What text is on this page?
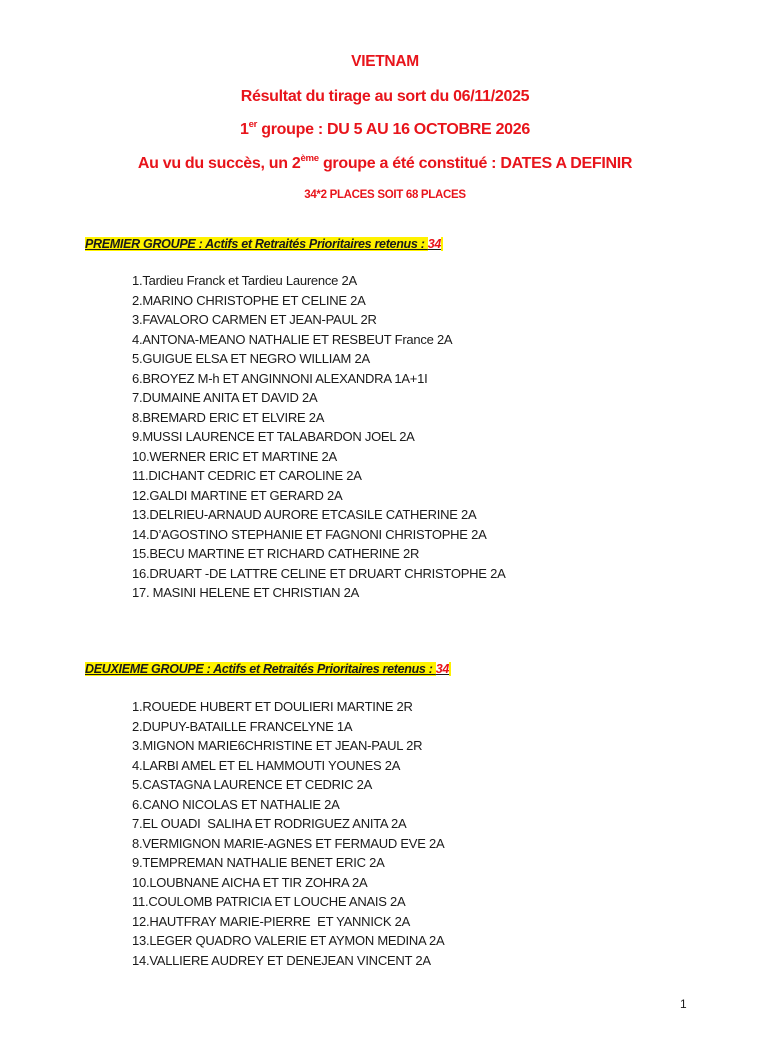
VIETNAM
Résultat du tirage au sort du 06/11/2025
1er groupe : DU 5 AU 16 OCTOBRE 2026
Au vu du succès, un 2ème groupe a été constitué : DATES A DEFINIR
34*2 PLACES SOIT 68 PLACES
PREMIER GROUPE : Actifs et Retraités Prioritaires retenus : 34
1.Tardieu Franck et Tardieu Laurence 2A
2.MARINO CHRISTOPHE ET CELINE 2A
3.FAVALORO CARMEN ET JEAN-PAUL 2R
4.ANTONA-MEANO NATHALIE ET RESBEUT France 2A
5.GUIGUE ELSA ET NEGRO WILLIAM 2A
6.BROYEZ M-h ET ANGINNONI ALEXANDRA 1A+1I
7.DUMAINE ANITA ET DAVID 2A
8.BREMARD ERIC ET ELVIRE 2A
9.MUSSI LAURENCE ET TALABARDON JOEL 2A
10.WERNER ERIC ET MARTINE 2A
11.DICHANT CEDRIC ET CAROLINE 2A
12.GALDI MARTINE ET GERARD 2A
13.DELRIEU-ARNAUD AURORE ETCASILE CATHERINE 2A
14.D’AGOSTINO STEPHANIE ET FAGNONI CHRISTOPHE 2A
15.BECU MARTINE ET RICHARD CATHERINE 2R
16.DRUART -DE LATTRE CELINE ET DRUART CHRISTOPHE 2A
17. MASINI HELENE ET CHRISTIAN 2A
DEUXIEME GROUPE : Actifs et Retraités Prioritaires retenus : 34
1.ROUEDE HUBERT ET DOULIERI MARTINE 2R
2.DUPUY-BATAILLE FRANCELYNE 1A
3.MIGNON MARIE6CHRISTINE ET JEAN-PAUL 2R
4.LARBI AMEL ET EL HAMMOUTI YOUNES 2A
5.CASTAGNA LAURENCE ET CEDRIC 2A
6.CANO NICOLAS ET NATHALIE 2A
7.EL OUADI  SALIHA ET RODRIGUEZ ANITA 2A
8.VERMIGNON MARIE-AGNES ET FERMAUD EVE 2A
9.TEMPREMAN NATHALIE BENET ERIC 2A
10.LOUBNANE AICHA ET TIR ZOHRA 2A
11.COULOMB PATRICIA ET LOUCHE ANAIS 2A
12.HAUTFRAY MARIE-PIERRE  ET YANNICK 2A
13.LEGER QUADRO VALERIE ET AYMON MEDINA 2A
14.VALLIERE AUDREY ET DENEJEAN VINCENT 2A
1
